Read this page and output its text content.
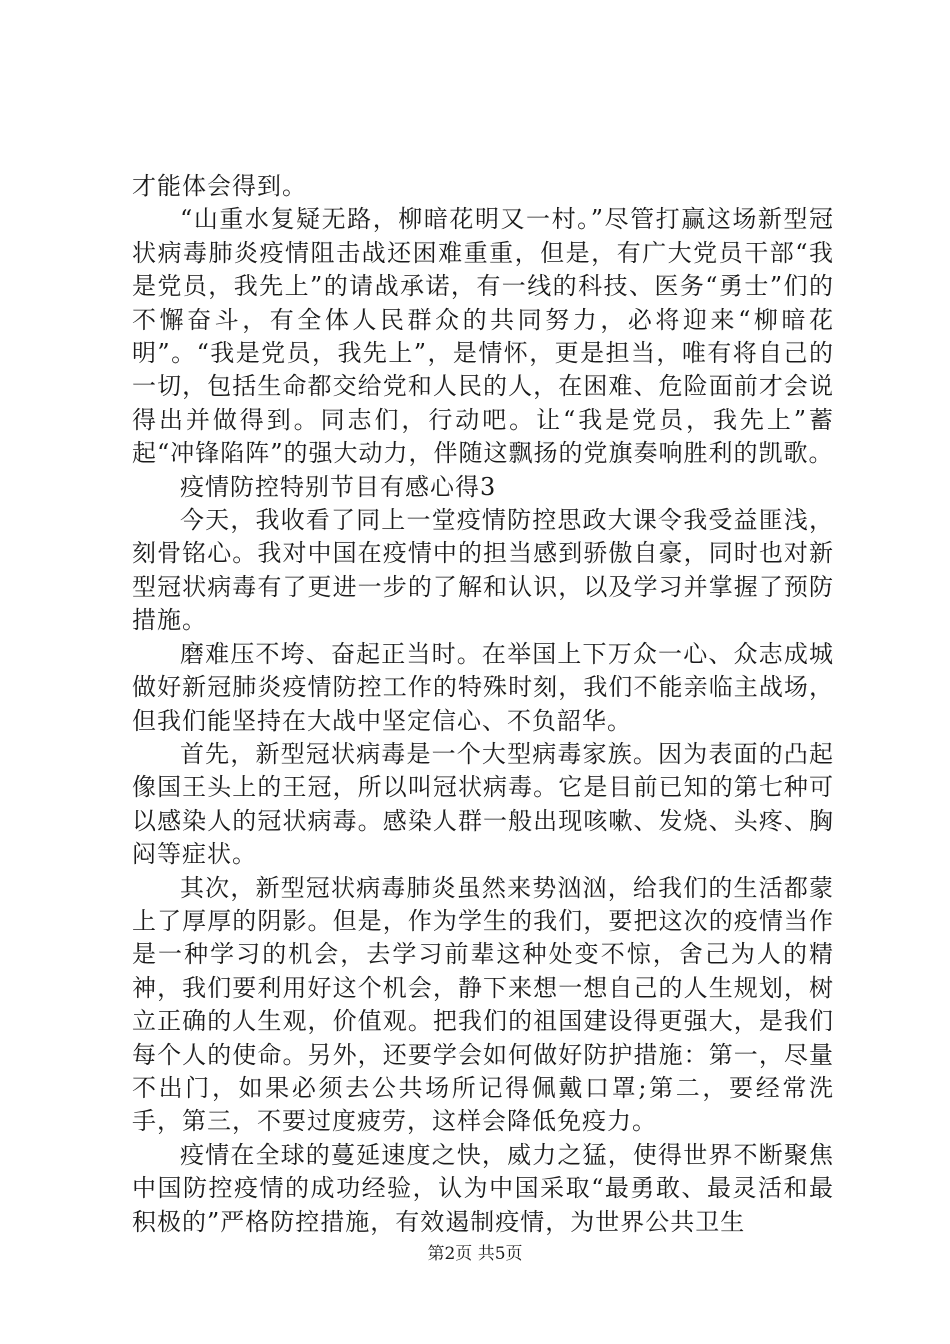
才能体会得到。

“山重水复疑无路，柳暗花明又一村。”尽管打赢这场新型冠状病毒肺炎疫情阻击战还困难重重，但是，有广大党员干部“我是党员，我先上”的请战承诺，有一线的科技、医务“勇士”们的不懈奋斗，有全体人民群众的共同努力，必将迎来“柳暗花明”。“我是党员，我先上”，是情怀，更是担当，唯有将自己的一切，包括生命都交给党和人民的人，在困难、危险面前才会说得出并做得到。同志们，行动吧。让“我是党员，我先上”蓄起“冲锋陷阵”的强大动力，伴随这飘扬的党旗奏响胜利的凯歌。

疫情防控特别节目有感心得3

今天，我收看了同上一堂疫情防控思政大课令我受益匪浅，刻骨铭心。我对中国在疫情中的担当感到骄傲自豪，同时也对新型冠状病毒有了更进一步的了解和认识，以及学习并掌握了预防措施。

磨难压不垮、奋起正当时。在举国上下万众一心、众志成城做好新冠肺炎疫情防控工作的特殊时刻，我们不能亲临主战场，但我们能坚持在大战中坚定信心、不负韶华。

首先，新型冠状病毒是一个大型病毒家族。因为表面的凸起像国王头上的王冠，所以叫冠状病毒。它是目前已知的第七种可以感染人的冠状病毒。感染人群一般出现咳嗽、发烧、头疼、胸闷等症状。

其次，新型冠状病毒肺炎虽然来势汹汹，给我们的生活都蒙上了厚厚的阴影。但是，作为学生的我们，要把这次的疫情当作是一种学习的机会，去学习前辈这种处变不惊，舍己为人的精神，我们要利用好这个机会，静下来想一想自己的人生规划，树立正确的人生观，价值观。把我们的祖国建设得更强大，是我们每个人的使命。另外，还要学会如何做好防护措施：第一，尽量不出门，如果必须去公共场所记得佩戴口罩;第二，要经常洗手，第三，不要过度疲劳，这样会降低免疫力。

疫情在全球的蔓延速度之快，威力之猛，使得世界不断聚焦中国防控疫情的成功经验，认为中国采取“最勇敢、最灵活和最积极的”严格防控措施，有效遏制疫情，为世界公共卫生

第2页 共5页
